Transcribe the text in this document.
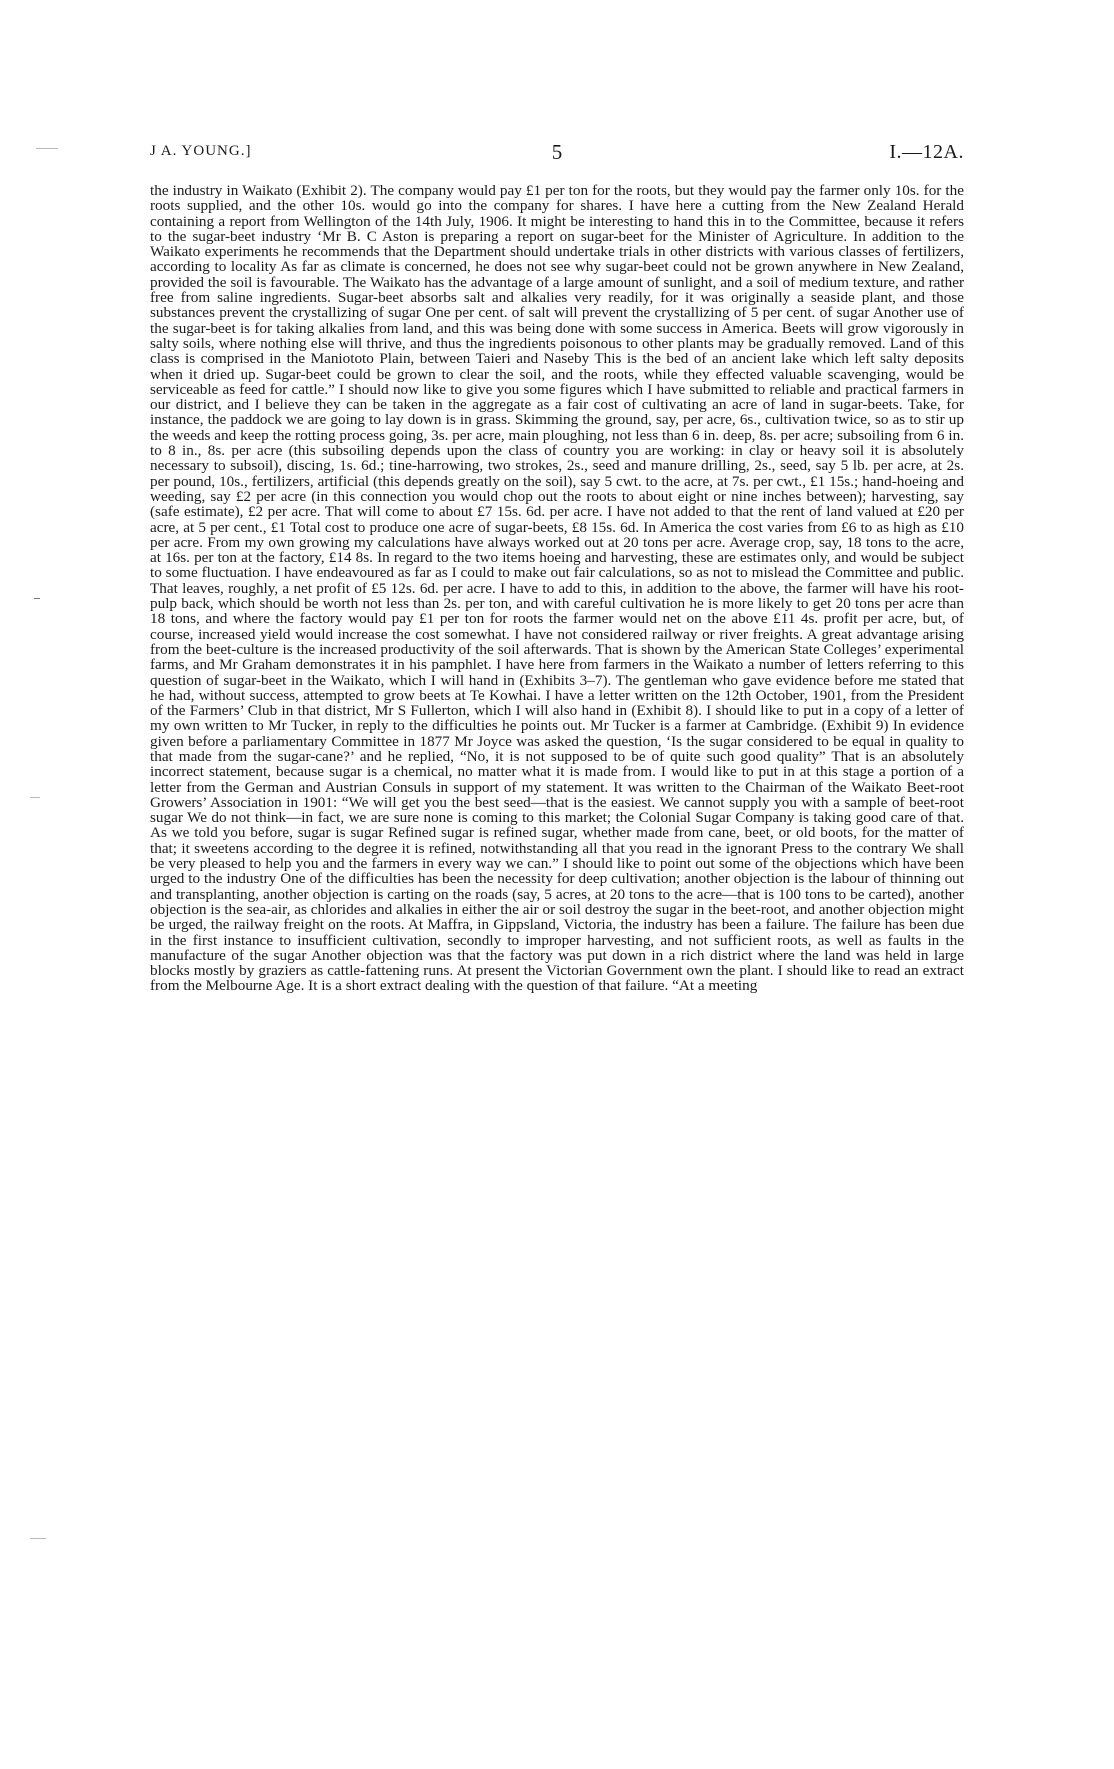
J A. YOUNG.]	5	I.—12A.
the industry in Waikato (Exhibit 2). The company would pay £1 per ton for the roots, but they would pay the farmer only 10s. for the roots supplied, and the other 10s. would go into the company for shares. I have here a cutting from the New Zealand Herald containing a report from Wellington of the 14th July, 1906. It might be interesting to hand this in to the Committee, because it refers to the sugar-beet industry ‘Mr B. C Aston is preparing a report on sugar-beet for the Minister of Agriculture. In addition to the Waikato experiments he recommends that the Department should undertake trials in other districts with various classes of fertilizers, according to locality As far as climate is concerned, he does not see why sugar-beet could not be grown anywhere in New Zealand, provided the soil is favourable. The Waikato has the advantage of a large amount of sunlight, and a soil of medium texture, and rather free from saline ingredients. Sugar-beet absorbs salt and alkalies very readily, for it was originally a seaside plant, and those substances prevent the crystallizing of sugar One per cent. of salt will prevent the crystallizing of 5 per cent. of sugar Another use of the sugar-beet is for taking alkalies from land, and this was being done with some success in America. Beets will grow vigorously in salty soils, where nothing else will thrive, and thus the ingredients poisonous to other plants may be gradually removed. Land of this class is comprised in the Maniototo Plain, between Taieri and Naseby This is the bed of an ancient lake which left salty deposits when it dried up. Sugar-beet could be grown to clear the soil, and the roots, while they effected valuable scavenging, would be serviceable as feed for cattle.” I should now like to give you some figures which I have submitted to reliable and practical farmers in our district, and I believe they can be taken in the aggregate as a fair cost of cultivating an acre of land in sugar-beets. Take, for instance, the paddock we are going to lay down is in grass. Skimming the ground, say, per acre, 6s., cultivation twice, so as to stir up the weeds and keep the rotting process going, 3s. per acre, main ploughing, not less than 6 in. deep, 8s. per acre; subsoiling from 6 in. to 8 in., 8s. per acre (this subsoiling depends upon the class of country you are working: in clay or heavy soil it is absolutely necessary to subsoil), discing, 1s. 6d.; tine-harrowing, two strokes, 2s., seed and manure drilling, 2s., seed, say 5 lb. per acre, at 2s. per pound, 10s., fertilizers, artificial (this depends greatly on the soil), say 5 cwt. to the acre, at 7s. per cwt., £1 15s.; hand-hoeing and weeding, say £2 per acre (in this connection you would chop out the roots to about eight or nine inches between); harvesting, say (safe estimate), £2 per acre. That will come to about £7 15s. 6d. per acre. I have not added to that the rent of land valued at £20 per acre, at 5 per cent., £1 Total cost to produce one acre of sugar-beets, £8 15s. 6d. In America the cost varies from £6 to as high as £10 per acre. From my own growing my calculations have always worked out at 20 tons per acre. Average crop, say, 18 tons to the acre, at 16s. per ton at the factory, £14 8s. In regard to the two items hoeing and harvesting, these are estimates only, and would be subject to some fluctuation. I have endeavoured as far as I could to make out fair calculations, so as not to mislead the Committee and public. That leaves, roughly, a net profit of £5 12s. 6d. per acre. I have to add to this, in addition to the above, the farmer will have his root-pulp back, which should be worth not less than 2s. per ton, and with careful cultivation he is more likely to get 20 tons per acre than 18 tons, and where the factory would pay £1 per ton for roots the farmer would net on the above £11 4s. profit per acre, but, of course, increased yield would increase the cost somewhat. I have not considered railway or river freights. A great advantage arising from the beet-culture is the increased productivity of the soil afterwards. That is shown by the American State Colleges’ experimental farms, and Mr Graham demonstrates it in his pamphlet. I have here from farmers in the Waikato a number of letters referring to this question of sugar-beet in the Waikato, which I will hand in (Exhibits 3–7). The gentleman who gave evidence before me stated that he had, without success, attempted to grow beets at Te Kowhai. I have a letter written on the 12th October, 1901, from the President of the Farmers’ Club in that district, Mr S Fullerton, which I will also hand in (Exhibit 8). I should like to put in a copy of a letter of my own written to Mr Tucker, in reply to the difficulties he points out. Mr Tucker is a farmer at Cambridge. (Exhibit 9) In evidence given before a parliamentary Committee in 1877 Mr Joyce was asked the question, ‘Is the sugar considered to be equal in quality to that made from the sugar-cane?’ and he replied, “No, it is not supposed to be of quite such good quality” That is an absolutely incorrect statement, because sugar is a chemical, no matter what it is made from. I would like to put in at this stage a portion of a letter from the German and Austrian Consuls in support of my statement. It was written to the Chairman of the Waikato Beet-root Growers’ Association in 1901: “We will get you the best seed—that is the easiest. We cannot supply you with a sample of beet-root sugar We do not think—in fact, we are sure none is coming to this market; the Colonial Sugar Company is taking good care of that. As we told you before, sugar is sugar Refined sugar is refined sugar, whether made from cane, beet, or old boots, for the matter of that; it sweetens according to the degree it is refined, notwithstanding all that you read in the ignorant Press to the contrary We shall be very pleased to help you and the farmers in every way we can.” I should like to point out some of the objections which have been urged to the industry One of the difficulties has been the necessity for deep cultivation; another objection is the labour of thinning out and transplanting, another objection is carting on the roads (say, 5 acres, at 20 tons to the acre—that is 100 tons to be carted), another objection is the sea-air, as chlorides and alkalies in either the air or soil destroy the sugar in the beet-root, and another objection might be urged, the railway freight on the roots. At Maffra, in Gippsland, Victoria, the industry has been a failure. The failure has been due in the first instance to insufficient cultivation, secondly to improper harvesting, and not sufficient roots, as well as faults in the manufacture of the sugar Another objection was that the factory was put down in a rich district where the land was held in large blocks mostly by graziers as cattle-fattening runs. At present the Victorian Government own the plant. I should like to read an extract from the Melbourne Age. It is a short extract dealing with the question of that failure. “At a meeting
